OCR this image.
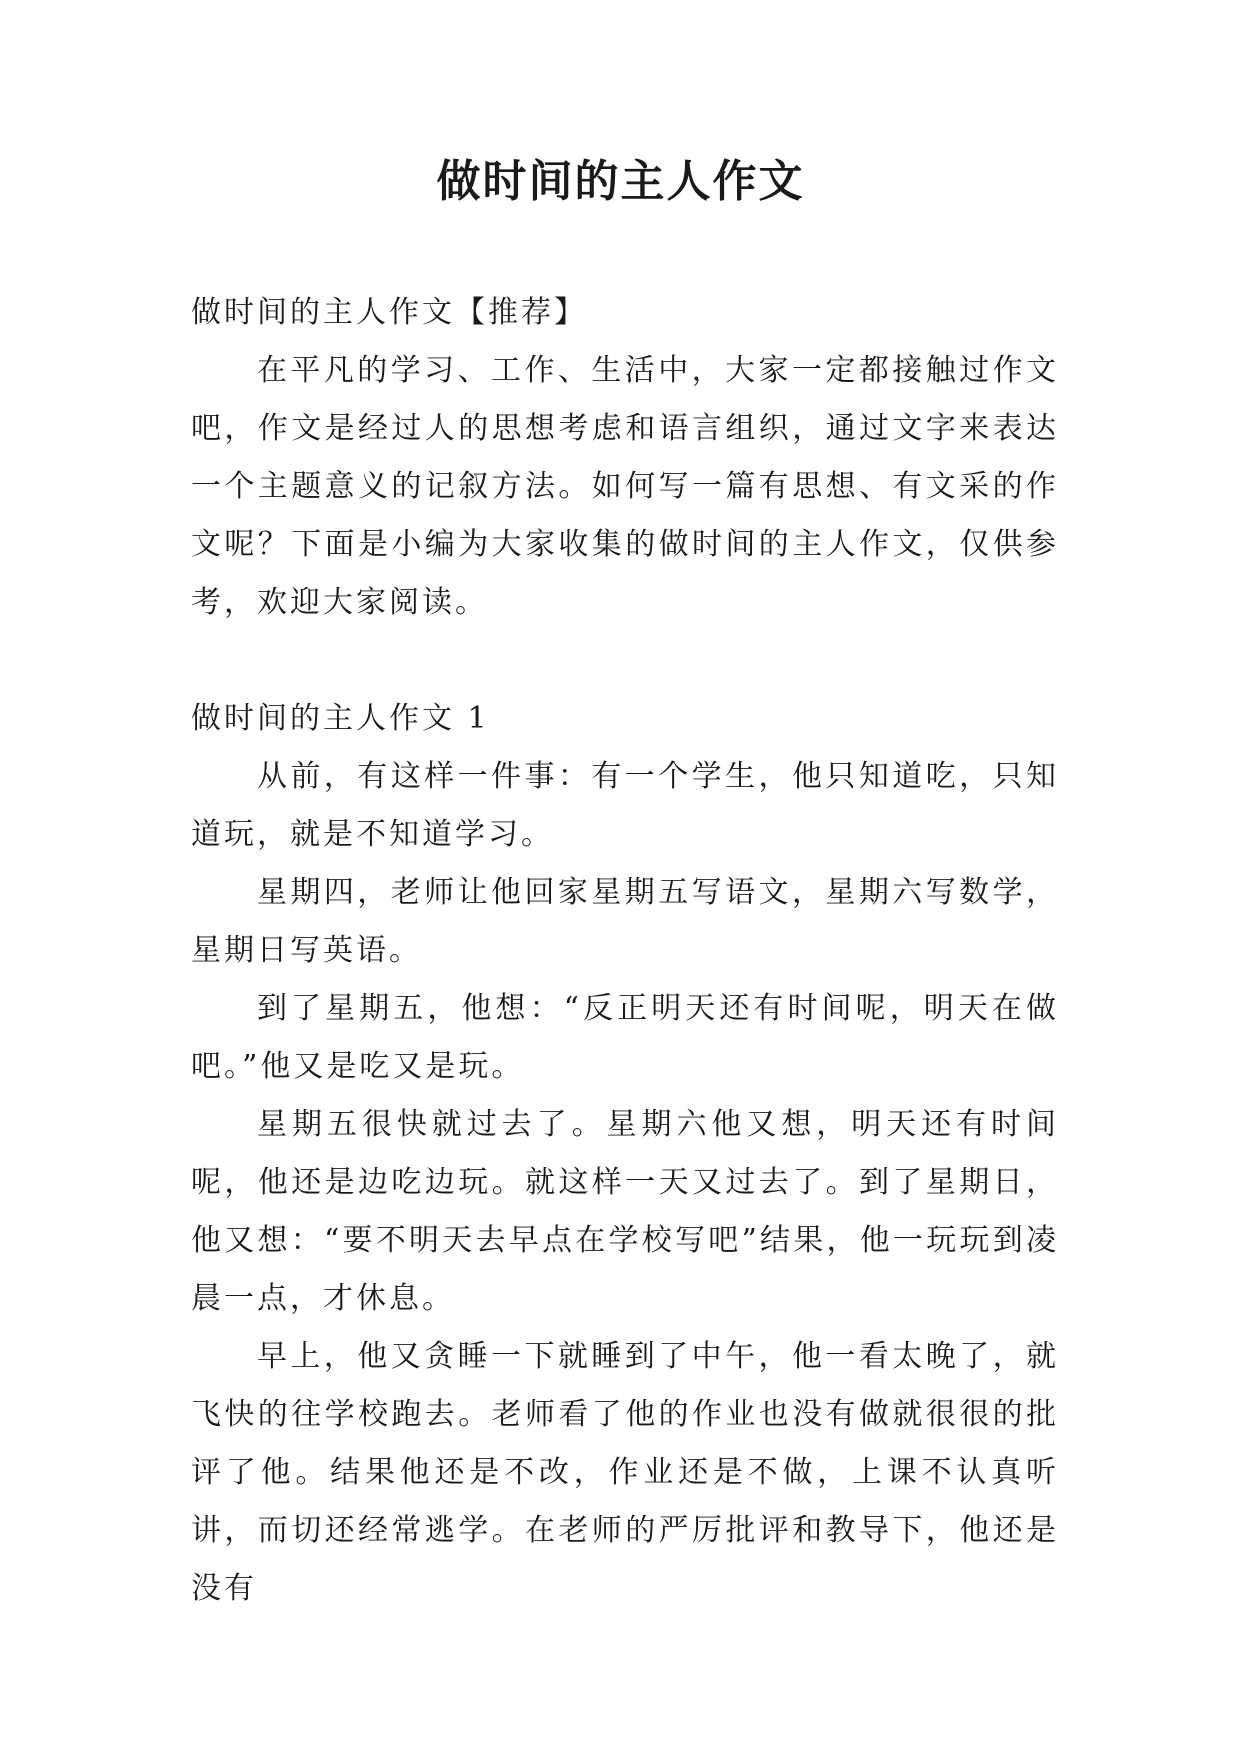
做时间的主人作文

做时间的主人作文【推荐】

在平凡的学习、工作、生活中，大家一定都接触过作文吧，作文是经过人的思想考虑和语言组织，通过文字来表达一个主题意义的记叙方法。如何写一篇有思想、有文采的作文呢？下面是小编为大家收集的做时间的主人作文，仅供参考，欢迎大家阅读。

做时间的主人作文 1

从前，有这样一件事：有一个学生，他只知道吃，只知道玩，就是不知道学习。

星期四，老师让他回家星期五写语文，星期六写数学，星期日写英语。

到了星期五，他想：“反正明天还有时间呢，明天在做吧。”他又是吃又是玩。

星期五很快就过去了。星期六他又想，明天还有时间呢，他还是边吃边玩。就这样一天又过去了。到了星期日，他又想：“要不明天去早点在学校写吧”结果，他一玩玩到凌晨一点，才休息。

早上，他又贪睡一下就睡到了中午，他一看太晚了，就飞快的往学校跑去。老师看了他的作业也没有做就很很的批评了他。结果他还是不改，作业还是不做，上课不认真听讲，而切还经常逃学。在老师的严厉批评和教导下，他还是没有
